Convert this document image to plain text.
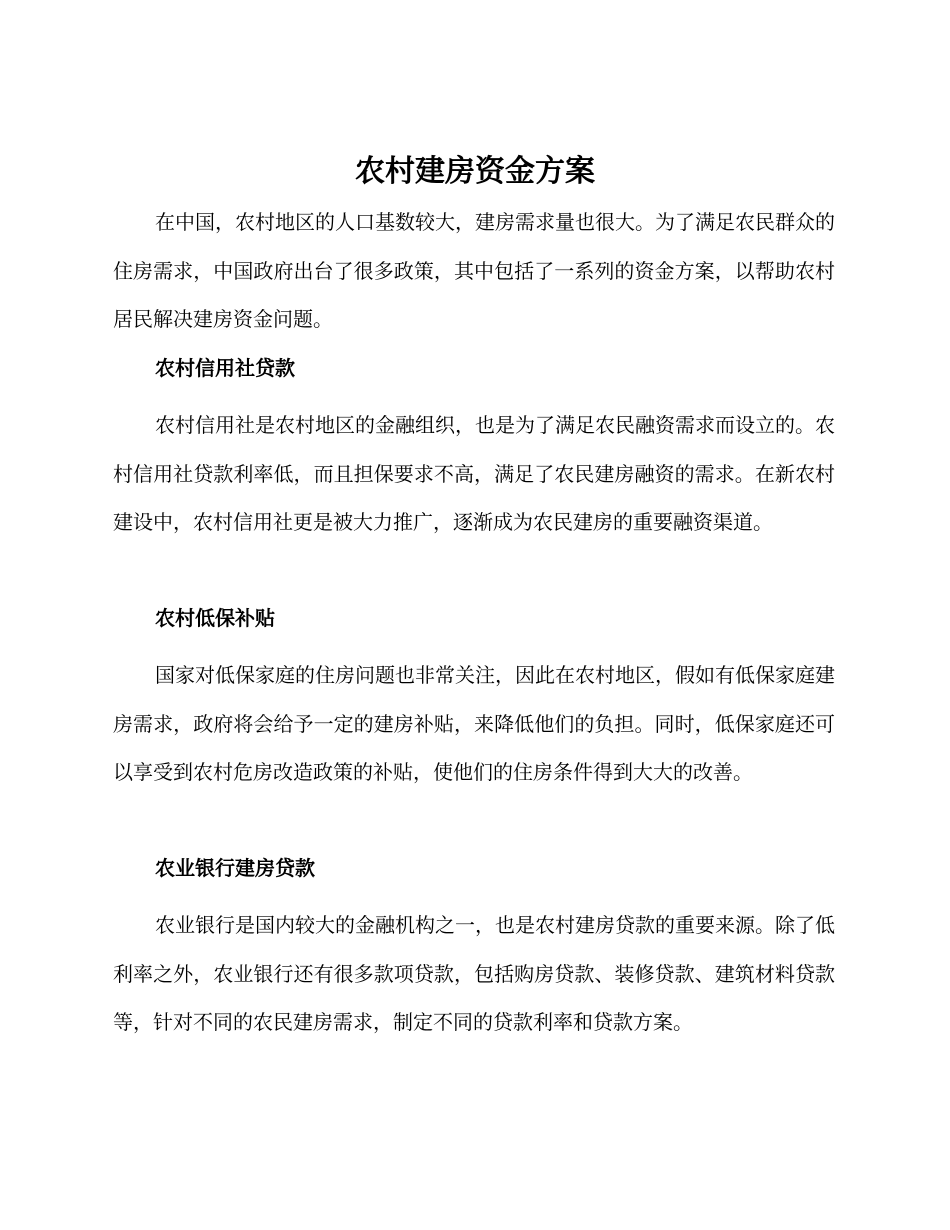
农村建房资金方案

在中国，农村地区的人口基数较大，建房需求量也很大。为了满足农民群众的住房需求，中国政府出台了很多政策，其中包括了一系列的资金方案，以帮助农村居民解决建房资金问题。

农村信用社贷款

农村信用社是农村地区的金融组织，也是为了满足农民融资需求而设立的。农村信用社贷款利率低，而且担保要求不高，满足了农民建房融资的需求。在新农村建设中，农村信用社更是被大力推广，逐渐成为农民建房的重要融资渠道。

农村低保补贴

国家对低保家庭的住房问题也非常关注，因此在农村地区，假如有低保家庭建房需求，政府将会给予一定的建房补贴，来降低他们的负担。同时，低保家庭还可以享受到农村危房改造政策的补贴，使他们的住房条件得到大大的改善。

农业银行建房贷款

农业银行是国内较大的金融机构之一，也是农村建房贷款的重要来源。除了低利率之外，农业银行还有很多款项贷款，包括购房贷款、装修贷款、建筑材料贷款等，针对不同的农民建房需求，制定不同的贷款利率和贷款方案。
